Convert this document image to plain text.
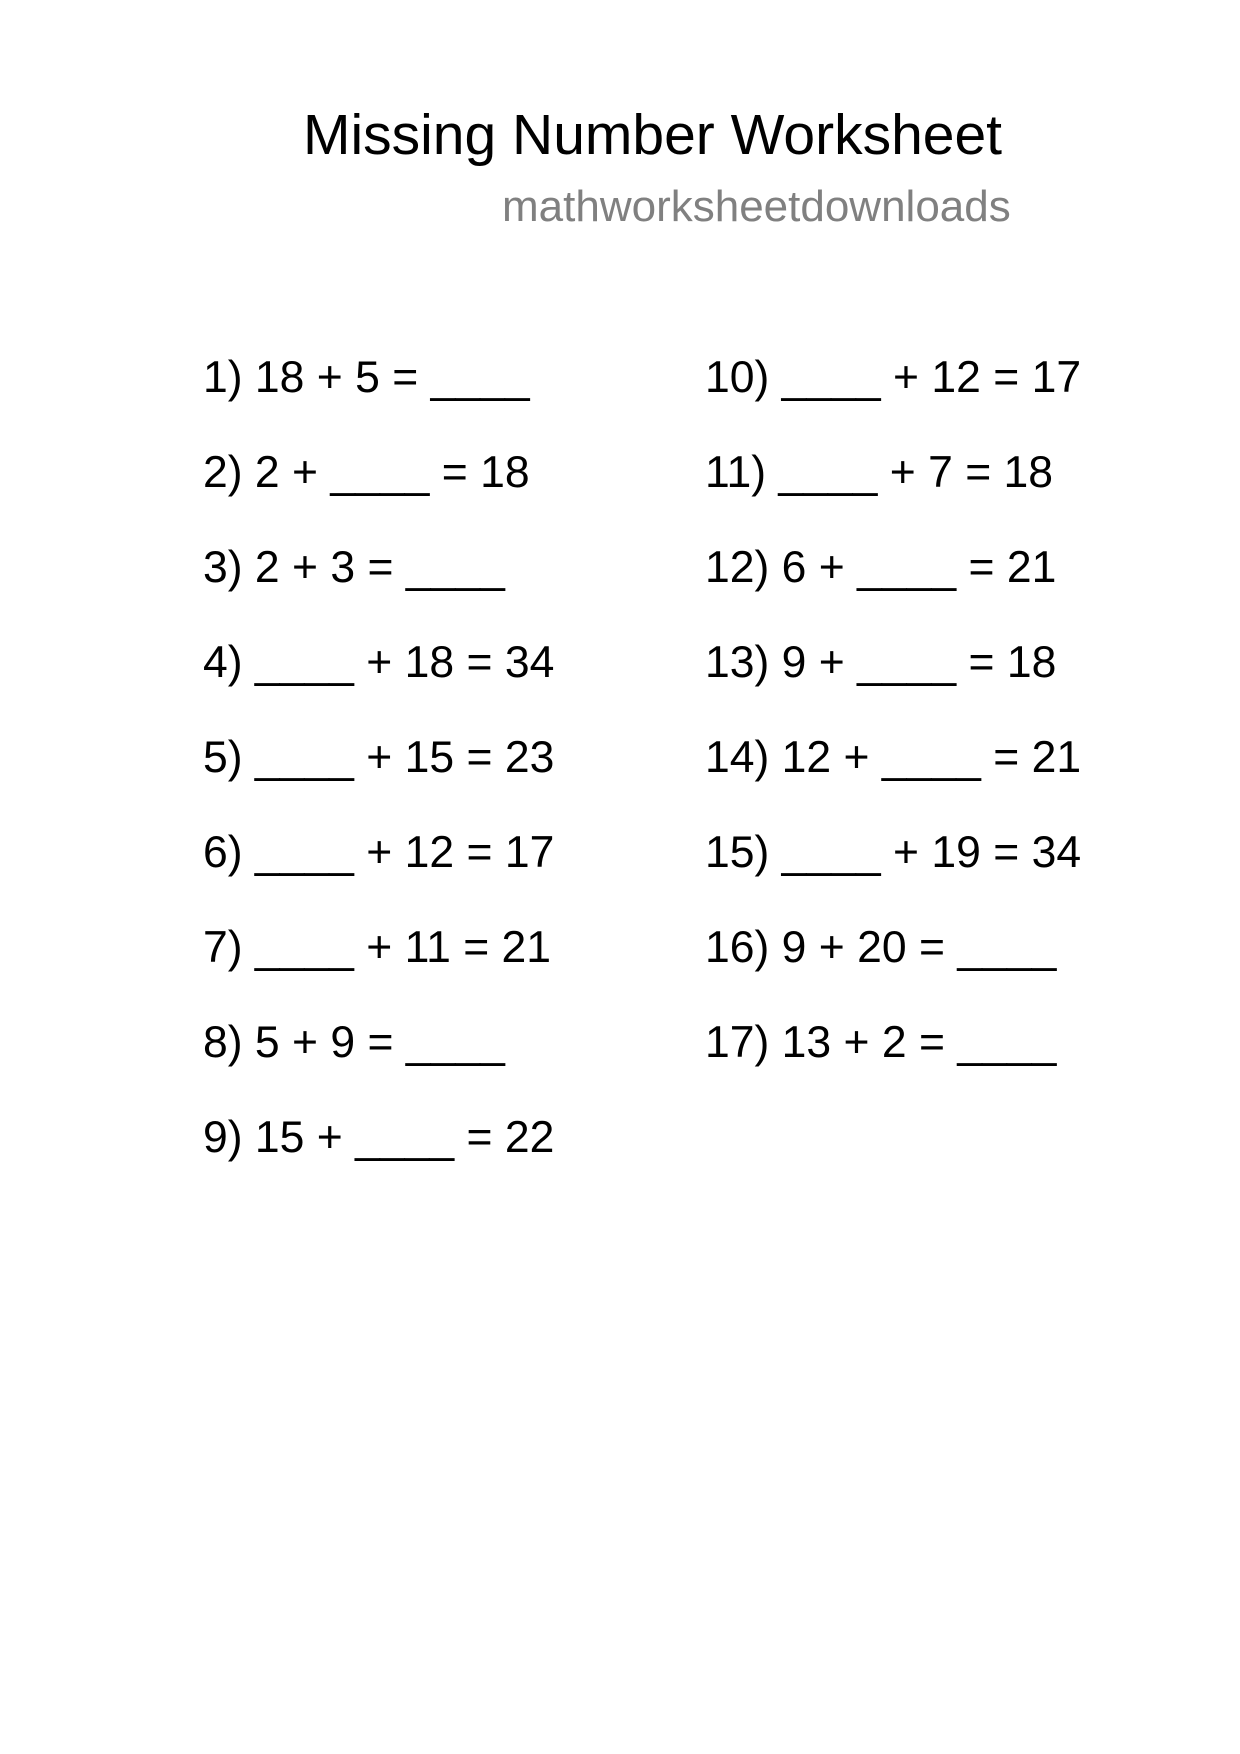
Missing Number Worksheet
mathworksheetdownloads
1) 18 + 5 = ____
2) 2 + ____ = 18
3) 2 + 3 = ____
4) ____ + 18 = 34
5) ____ + 15 = 23
6) ____ + 12 = 17
7) ____ + 11 = 21
8) 5 + 9 = ____
9) 15 + ____ = 22
10) ____ + 12 = 17
11) ____ + 7 = 18
12) 6 + ____ = 21
13) 9 + ____ = 18
14) 12 + ____ = 21
15) ____ + 19 = 34
16) 9 + 20 = ____
17) 13 + 2 = ____
